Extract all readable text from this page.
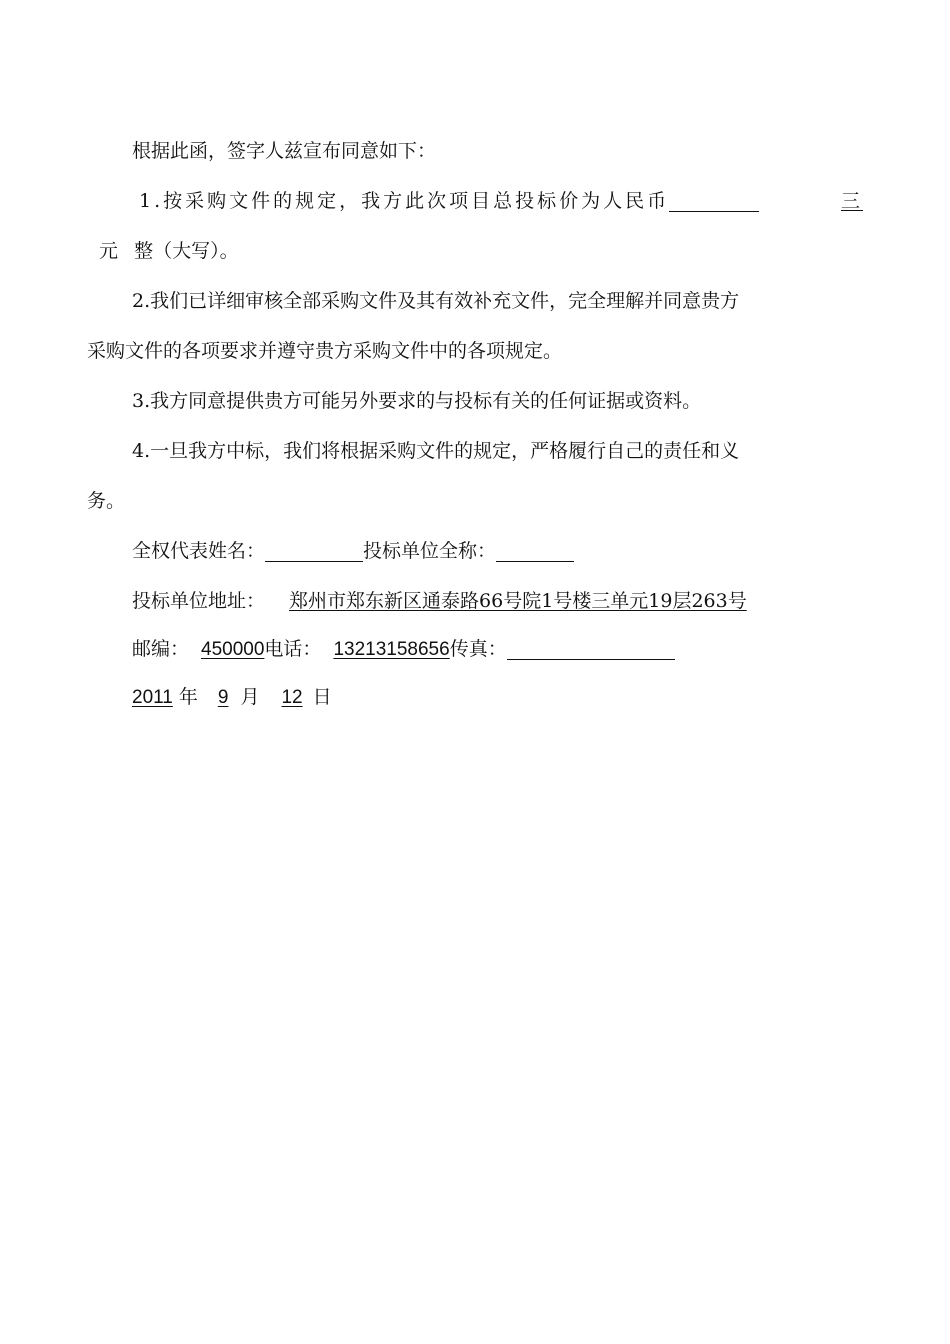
根据此函，签字人兹宣布同意如下：
1.按采购文件的规定，我方此次项目总投标价为人民币	三
元 整（大写）。
2.我们已详细审核全部采购文件及其有效补充文件，完全理解并同意贵方
采购文件的各项要求并遵守贵方采购文件中的各项规定。
3.我方同意提供贵方可能另外要求的与投标有关的任何证据或资料。
4.一旦我方中标，我们将根据采购文件的规定，严格履行自己的责任和义
务。
全权代表姓名：	投标单位全称：
投标单位地址： 郑州市郑东新区通泰路66号院1号楼三单元19层263号
邮编： 450000电话： 13213158656传真：
2011 年 9 月 12 日
